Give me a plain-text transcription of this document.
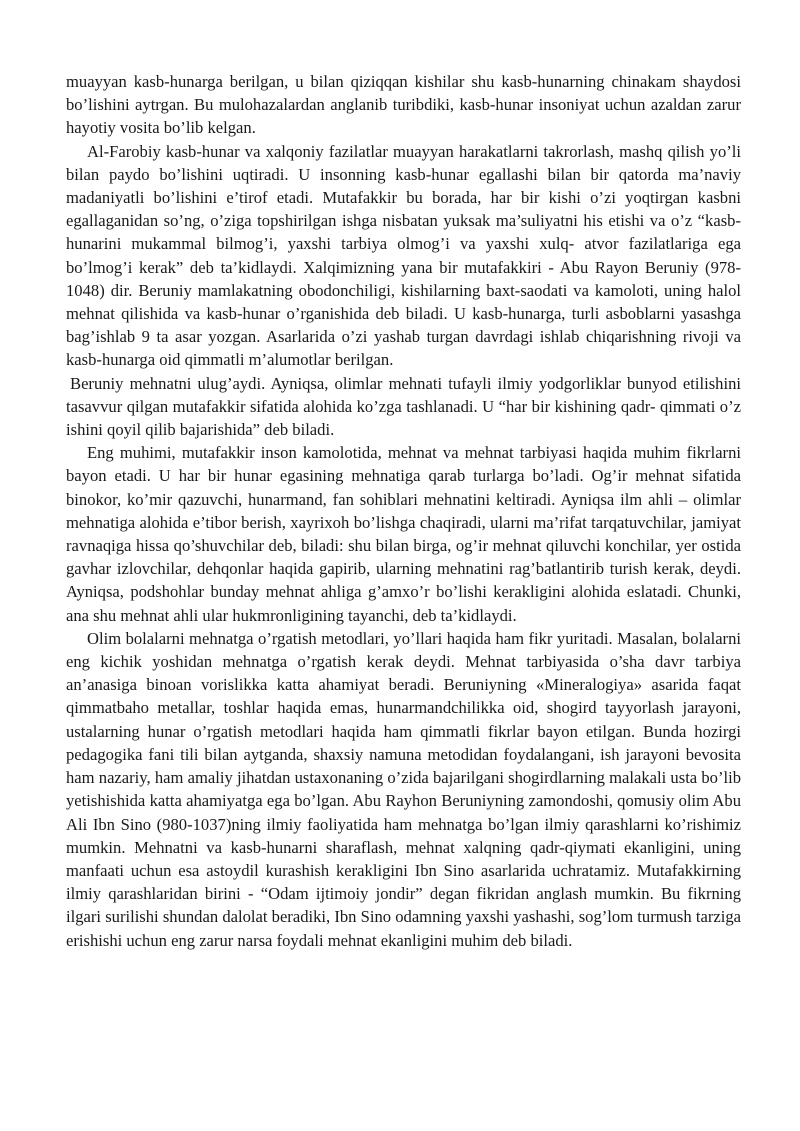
muayyan kasb-hunarga berilgan, u bilan qiziqqan kishilar shu kasb-hunarning chinakam shaydosi bo’lishini aytrgan. Bu mulohazalardan anglanib turibdiki, kasb-hunar insoniyat uchun azaldan zarur hayotiy vosita bo’lib kelgan.

Al-Farobiy kasb-hunar va xalqoniy fazilatlar muayyan harakatlarni takrorlash, mashq qilish yo’li bilan paydo bo’lishini uqtiradi. U insonning kasb-hunar egallashi bilan bir qatorda ma’naviy madaniyatli bo’lishini e’tirof etadi. Mutafakkir bu borada, har bir kishi o’zi yoqtirgan kasbni egallaganidan so’ng, o’ziga topshirilgan ishga nisbatan yuksak ma’suliyatni his etishi va o’z “kasb-hunarini mukammal bilmog’i, yaxshi tarbiya olmog’i va yaxshi xulq- atvor fazilatlariga ega bo’lmog’i kerak” deb ta’kidlaydi. Xalqimizning yana bir mutafakkiri - Abu Rayon Beruniy (978-1048) dir. Beruniy mamlakatning obodonchiligi, kishilarning baxt-saodati va kamoloti, uning halol mehnat qilishida va kasb-hunar o’rganishida deb biladi. U kasb-hunarga, turli asboblarni yasashga bag’ishlab 9 ta asar yozgan. Asarlarida o’zi yashab turgan davrdagi ishlab chiqarishning rivoji va kasb-hunarga oid qimmatli m’alumotlar berilgan.

Beruniy mehnatni ulug’aydi. Ayniqsa, olimlar mehnati tufayli ilmiy yodgorliklar bunyod etilishini tasavvur qilgan mutafakkir sifatida alohida ko’zga tashlanadi. U “har bir kishining qadr- qimmati o’z ishini qoyil qilib bajarishida” deb biladi.

Eng muhimi, mutafakkir inson kamolotida, mehnat va mehnat tarbiyasi haqida muhim fikrlarni bayon etadi. U har bir hunar egasining mehnatiga qarab turlarga bo’ladi. Og’ir mehnat sifatida binokor, ko’mir qazuvchi, hunarmand, fan sohiblari mehnatini keltiradi. Ayniqsa ilm ahli – olimlar mehnatiga alohida e’tibor berish, xayrixoh bo’lishga chaqiradi, ularni ma’rifat tarqatuvchilar, jamiyat ravnaqiga hissa qo’shuvchilar deb, biladi: shu bilan birga, og’ir mehnat qiluvchi konchilar, yer ostida gavhar izlovchilar, dehqonlar haqida gapirib, ularning mehnatini rag’batlantirib turish kerak, deydi. Ayniqsa, podshohlar bunday mehnat ahliga g’amxo’r bo’lishi kerakligini alohida eslatadi. Chunki, ana shu mehnat ahli ular hukmronligining tayanchi, deb ta’kidlaydi.

Olim bolalarni mehnatga o’rgatish metodlari, yo’llari haqida ham fikr yuritadi. Masalan, bolalarni eng kichik yoshidan mehnatga o’rgatish kerak deydi. Mehnat tarbiyasida o’sha davr tarbiya an’anasiga binoan vorislikka katta ahamiyat beradi. Beruniyning «Mineralogiya» asarida faqat qimmatbaho metallar, toshlar haqida emas, hunarmandchilikka oid, shogird tayyorlash jarayoni, ustalarning hunar o’rgatish metodlari haqida ham qimmatli fikrlar bayon etilgan. Bunda hozirgi pedagogika fani tili bilan aytganda, shaxsiy namuna metodidan foydalangani, ish jarayoni bevosita ham nazariy, ham amaliy jihatdan ustaxonaning o’zida bajarilgani shogirdlarning malakali usta bo’lib yetishishida katta ahamiyatga ega bo’lgan. Abu Rayhon Beruniyning zamondoshi, qomusiy olim Abu Ali Ibn Sino (980-1037)ning ilmiy faoliyatida ham mehnatga bo’lgan ilmiy qarashlarni ko’rishimiz mumkin. Mehnatni va kasb-hunarni sharaflash, mehnat xalqning qadr-qiymati ekanligini, uning manfaati uchun esa astoydil kurashish kerakligini Ibn Sino asarlarida uchratamiz. Mutafakkirning ilmiy qarashlaridan birini - “Odam ijtimoiy jondir” degan fikridan anglash mumkin. Bu fikrning ilgari surilishi shundan dalolat beradiki, Ibn Sino odamning yaxshi yashashi, sog’lom turmush tarziga erishishi uchun eng zarur narsa foydali mehnat ekanligini muhim deb biladi.
